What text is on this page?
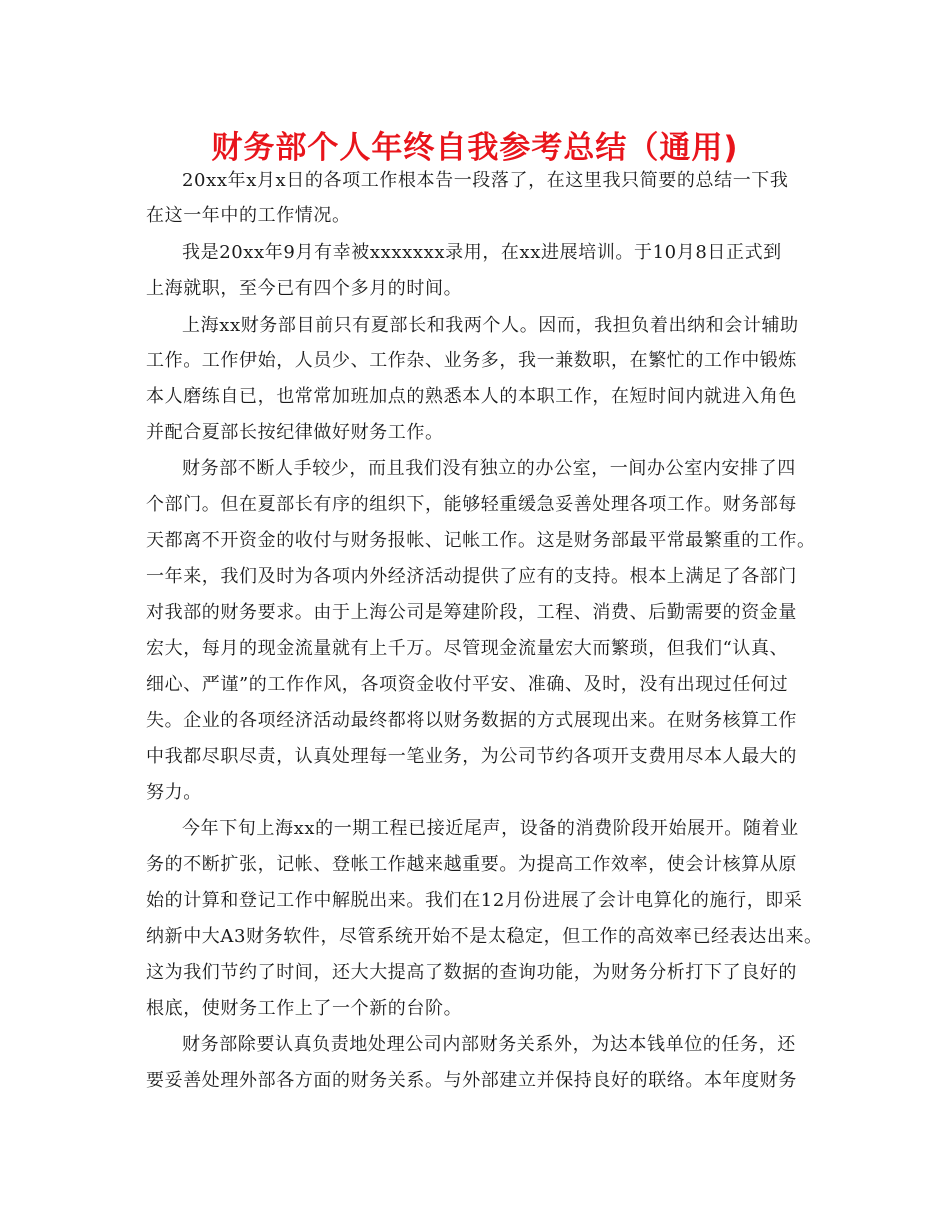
财务部个人年终自我参考总结（通用)
20xx年x月x日的各项工作根本告一段落了，在这里我只简要的总结一下我
在这一年中的工作情况。
我是20xx年9月有幸被xxxxxxx录用，在xx进展培训。于10月8日正式到
上海就职，至今已有四个多月的时间。
上海xx财务部目前只有夏部长和我两个人。因而，我担负着出纳和会计辅助
工作。工作伊始，人员少、工作杂、业务多，我一兼数职，在繁忙的工作中锻炼
本人磨练自已，也常常加班加点的熟悉本人的本职工作，在短时间内就进入角色
并配合夏部长按纪律做好财务工作。
财务部不断人手较少，而且我们没有独立的办公室，一间办公室内安排了四
个部门。但在夏部长有序的组织下，能够轻重缓急妥善处理各项工作。财务部每
天都离不开资金的收付与财务报帐、记帐工作。这是财务部最平常最繁重的工作。
一年来，我们及时为各项内外经济活动提供了应有的支持。根本上满足了各部门
对我部的财务要求。由于上海公司是筹建阶段，工程、消费、后勤需要的资金量
宏大，每月的现金流量就有上千万。尽管现金流量宏大而繁琐，但我们“认真、
细心、严谨”的工作作风，各项资金收付平安、准确、及时，没有出现过任何过
失。企业的各项经济活动最终都将以财务数据的方式展现出来。在财务核算工作
中我都尽职尽责，认真处理每一笔业务，为公司节约各项开支费用尽本人最大的
努力。
今年下旬上海xx的一期工程已接近尾声，设备的消费阶段开始展开。随着业
务的不断扩张，记帐、登帐工作越来越重要。为提高工作效率，使会计核算从原
始的计算和登记工作中解脱出来。我们在12月份进展了会计电算化的施行，即采
纳新中大A3财务软件，尽管系统开始不是太稳定，但工作的高效率已经表达出来。
这为我们节约了时间，还大大提高了数据的查询功能，为财务分析打下了良好的
根底，使财务工作上了一个新的台阶。
财务部除要认真负责地处理公司内部财务关系外，为达本钱单位的任务，还
要妥善处理外部各方面的财务关系。与外部建立并保持良好的联络。本年度财务
